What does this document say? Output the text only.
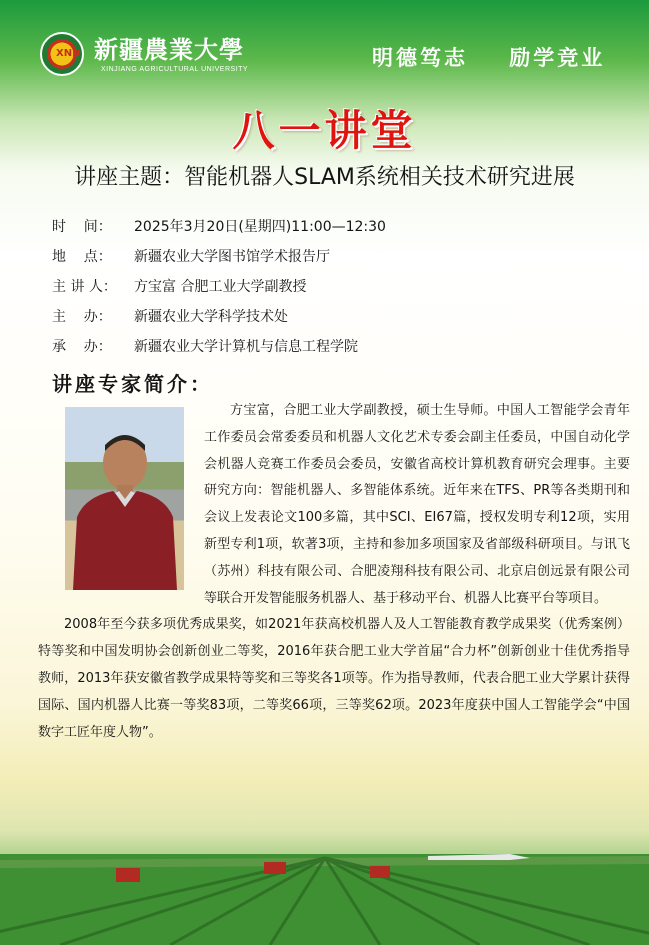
XND 新疆農業大學
XINJIANG AGRICULTURAL UNIVERSITY	明德笃志    励学竞业
八一讲堂
讲座主题：智能机器人SLAM系统相关技术研究进展
时    间：	2025年3月20日(星期四)11:00—12:30
地    点：	新疆农业大学图书馆学术报告厅
主 讲 人：	方宝富 合肥工业大学副教授
主    办：	新疆农业大学科学技术处
承    办：	新疆农业大学计算机与信息工程学院
讲座专家简介：

方宝富，合肥工业大学副教授，硕士生导师。中国人工智能学会青年工作委员会常委委员和机器人文化艺术专委会副主任委员，中国自动化学会机器人竞赛工作委员会委员，安徽省高校计算机教育研究会理事。主要研究方向：智能机器人、多智能体系统。近年来在TFS、PR等各类期刊和会议上发表论文100多篇，其中SCI、EI67篇，授权发明专利12项，实用新型专利1项，软著3项，主持和参加多项国家及省部级科研项目。与讯飞（苏州）科技有限公司、合肥凌翔科技有限公司、北京启创远景有限公司等联合开发智能服务机器人、基于移动平台、机器人比赛平台等项目。

2008年至今获多项优秀成果奖，如2021年获高校机器人及人工智能教育教学成果奖（优秀案例）特等奖和中国发明协会创新创业二等奖，2016年获合肥工业大学首届“合力杯”创新创业十佳优秀指导教师，2013年获安徽省教学成果特等奖和三等奖各1项等。作为指导教师，代表合肥工业大学累计获得国际、国内机器人比赛一等奖83项，二等奖66项，三等奖62项。2023年度获中国人工智能学会“中国数字工匠年度人物”。
